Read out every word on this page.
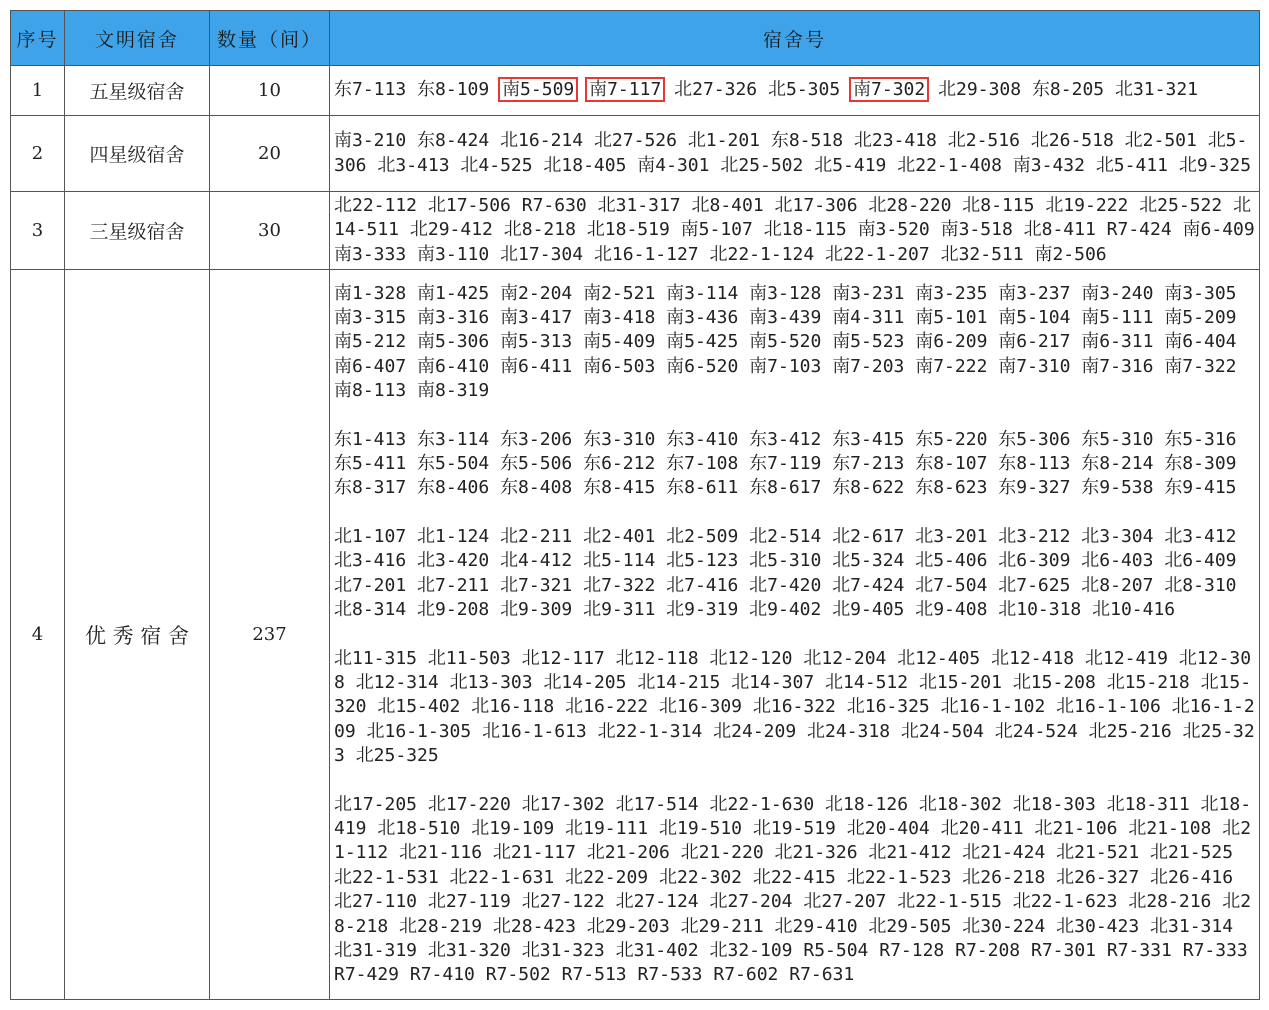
序号	文明宿舍	数量（间）	宿舍号
1	五星级宿舍	10	东7-113 东8-109 南5-509 南7-117 北27-326 北5-305 南7-302 北29-308 东8-205 北31-321

2	四星级宿舍	20	南3-210 东8-424 北16-214 北27-526 北1-201 东8-518 北23-418 北2-516 北26-518 北2-501 北5-306 北3-413 北4-525 北18-405 南4-301 北25-502 北5-419 北22-1-408 南3-432 北5-411 北9-325

3	三星级宿舍	30	北22-112 北17-506 R7-630 北31-317 北8-401 北17-306 北28-220 北8-115 北19-222 北25-522 北14-511 北29-412 北8-218 北18-519 南5-107 北18-115 南3-520 南3-518 北8-411 R7-424 南6-409 南3-333 南3-110 北17-304 北16-1-127 北22-1-124 北22-1-207 北32-511 南2-506

4	优 秀 宿 舍	237	南1-328 南1-425 南2-204 南2-521 南3-114 南3-128 南3-231 南3-235 南3-237 南3-240 南3-305 南3-315 南3-316 南3-417 南3-418 南3-436 南3-439 南4-311 南5-101 南5-104 南5-111 南5-209 南5-212 南5-306 南5-313 南5-409 南5-425 南5-520 南5-523 南6-209 南6-217 南6-311 南6-404 南6-407 南6-410 南6-411 南6-503 南6-520 南7-103 南7-203 南7-222 南7-310 南7-316 南7-322 南8-113 南8-319
东1-413 东3-114 东3-206 东3-310 东3-410 东3-412 东3-415 东5-220 东5-306 东5-310 东5-316 东5-411 东5-504 东5-506 东6-212 东7-108 东7-119 东7-213 东8-107 东8-113 东8-214 东8-309 东8-317 东8-406 东8-408 东8-415 东8-611 东8-617 东8-622 东8-623 东9-327 东9-538 东9-415
北1-107 北1-124 北2-211 北2-401 北2-509 北2-514 北2-617 北3-201 北3-212 北3-304 北3-412 北3-416 北3-420 北4-412 北5-114 北5-123 北5-310 北5-324 北5-406 北6-309 北6-403 北6-409 北7-201 北7-211 北7-321 北7-322 北7-416 北7-420 北7-424 北7-504 北7-625 北8-207 北8-310 北8-314 北9-208 北9-309 北9-311 北9-319 北9-402 北9-405 北9-408 北10-318 北10-416
北11-315 北11-503 北12-117 北12-118 北12-120 北12-204 北12-405 北12-418 北12-419 北12-308 北12-314 北13-303 北14-205 北14-215 北14-307 北14-512 北15-201 北15-208 北15-218 北15-320 北15-402 北16-118 北16-222 北16-309 北16-322 北16-325 北16-1-102 北16-1-106 北16-1-209 北16-1-305 北16-1-613 北22-1-314 北24-209 北24-318 北24-504 北24-524 北25-216 北25-323 北25-325
北17-205 北17-220 北17-302 北17-514 北22-1-630 北18-126 北18-302 北18-303 北18-311 北18-419 北18-510 北19-109 北19-111 北19-510 北19-519 北20-404 北20-411 北21-106 北21-108 北21-112 北21-116 北21-117 北21-206 北21-220 北21-326 北21-412 北21-424 北21-521 北21-525 北22-1-531 北22-1-631 北22-209 北22-302 北22-415 北22-1-523 北26-218 北26-327 北26-416 北27-110 北27-119 北27-122 北27-124 北27-204 北27-207 北22-1-515 北22-1-623 北28-216 北28-218 北28-219 北28-423 北29-203 北29-211 北29-410 北29-505 北30-224 北30-423 北31-314 北31-319 北31-320 北31-323 北31-402 北32-109 R5-504 R7-128 R7-208 R7-301 R7-331 R7-333 R7-429 R7-410 R7-502 R7-513 R7-533 R7-602 R7-631
